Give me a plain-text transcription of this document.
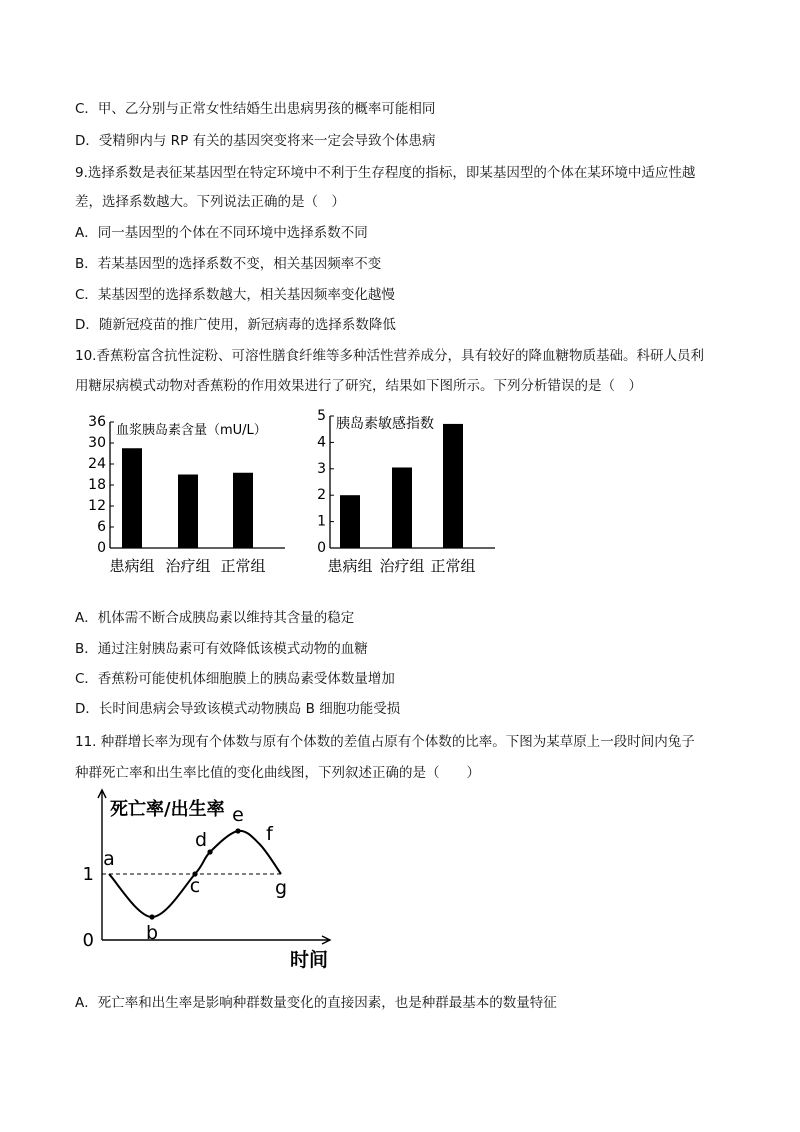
C．甲、乙分别与正常女性结婚生出患病男孩的概率可能相同
D．受精卵内与 RP 有关的基因突变将来一定会导致个体患病
9.选择系数是表征某基因型在特定环境中不利于生存程度的指标，即某基因型的个体在某环境中适应性越
差，选择系数越大。下列说法正确的是（　）
A．同一基因型的个体在不同环境中选择系数不同
B．若某基因型的选择系数不变，相关基因频率不变
C．某基因型的选择系数越大，相关基因频率变化越慢
D．随新冠疫苗的推广使用，新冠病毒的选择系数降低
10.香蕉粉富含抗性淀粉、可溶性膳食纤维等多种活性营养成分，具有较好的降血糖物质基础。科研人员利
用糖尿病模式动物对香蕉粉的作用效果进行了研究，结果如下图所示。下列分析错误的是（　）
0
6
12
18
24
30
36
患病组 治疗组 正常组
血浆胰岛素含量（mU/L）
0
1
2
3
4
5
患病组 治疗组 正常组
胰岛素敏感指数
A．机体需不断合成胰岛素以维持其含量的稳定
B．通过注射胰岛素可有效降低该模式动物的血糖
C．香蕉粉可能使机体细胞膜上的胰岛素受体数量增加
D．长时间患病会导致该模式动物胰岛 B 细胞功能受损
11. 种群增长率为现有个体数与原有个体数的差值占原有个体数的比率。下图为某草原上一段时间内兔子
种群死亡率和出生率比值的变化曲线图，下列叙述正确的是（　　）
0
1
死亡率/出生率
时间
a
b
c
d
e
f
g
A．死亡率和出生率是影响种群数量变化的直接因素，也是种群最基本的数量特征
